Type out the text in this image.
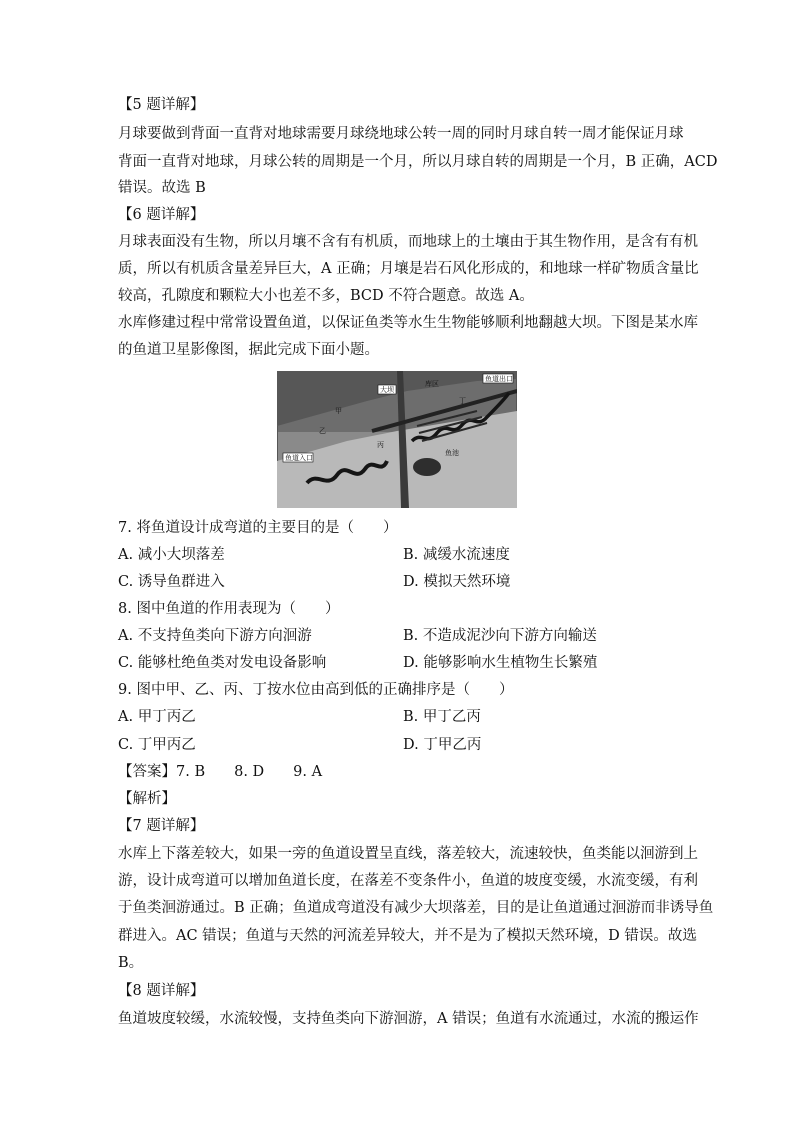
【5 题详解】
月球要做到背面一直背对地球需要月球绕地球公转一周的同时月球自转一周才能保证月球
背面一直背对地球，月球公转的周期是一个月，所以月球自转的周期是一个月，B 正确，ACD
错误。故选 B
【6 题详解】
月球表面没有生物，所以月壤不含有有机质，而地球上的土壤由于其生物作用，是含有有机
质，所以有机质含量差异巨大，A 正确；月壤是岩石风化形成的，和地球一样矿物质含量比
较高，孔隙度和颗粒大小也差不多，BCD 不符合题意。故选 A。
水库修建过程中常常设置鱼道，以保证鱼类等水生生物能够顺利地翻越大坝。下图是某水库
的鱼道卫星影像图，据此完成下面小题。
大坝
库区
鱼道出口
鱼道入口
鱼池
甲
乙
丙
丁
7. 将鱼道设计成弯道的主要目的是（　　）
A. 减小大坝落差	B. 减缓水流速度
C. 诱导鱼群进入	D. 模拟天然环境
8. 图中鱼道的作用表现为（　　）
A. 不支持鱼类向下游方向洄游	B. 不造成泥沙向下游方向输送
C. 能够杜绝鱼类对发电设备影响	D. 能够影响水生植物生长繁殖
9. 图中甲、乙、丙、丁按水位由高到低的正确排序是（　　）
A. 甲丁丙乙	B. 甲丁乙丙
C. 丁甲丙乙	D. 丁甲乙丙
【答案】7. B　　8. D　　9. A
【解析】
【7 题详解】
水库上下落差较大，如果一旁的鱼道设置呈直线，落差较大，流速较快，鱼类能以洄游到上
游，设计成弯道可以增加鱼道长度，在落差不变条件小，鱼道的坡度变缓，水流变缓，有利
于鱼类洄游通过。B 正确；鱼道成弯道没有减少大坝落差，目的是让鱼道通过洄游而非诱导鱼
群进入。AC 错误；鱼道与天然的河流差异较大，并不是为了模拟天然环境，D 错误。故选
B。
【8 题详解】
鱼道坡度较缓，水流较慢，支持鱼类向下游洄游，A 错误；鱼道有水流通过，水流的搬运作
